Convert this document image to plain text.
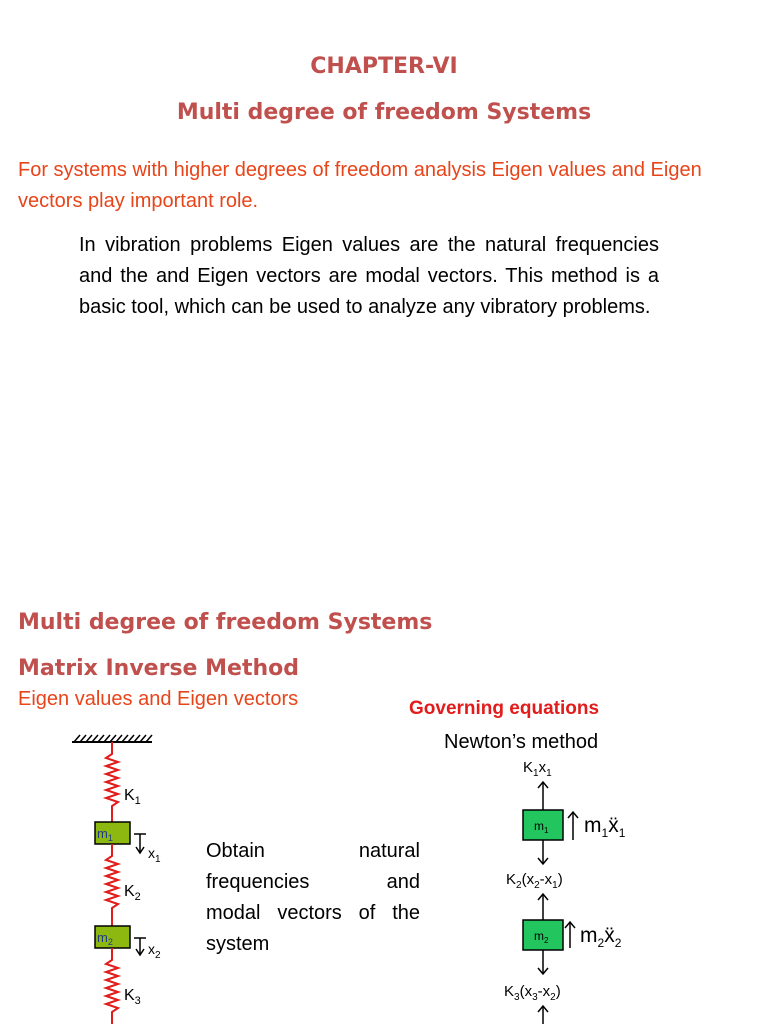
CHAPTER-VI
Multi degree of freedom Systems
For systems with higher degrees of freedom analysis Eigen values and Eigen vectors play important role.
In vibration problems Eigen values are the natural frequencies and the and Eigen vectors are modal vectors. This method is a basic tool, which can be used to analyze any vibratory problems.
Multi degree of freedom Systems
Matrix Inverse Method
Eigen values and Eigen vectors	Governing equations
Newton’s method
Obtain natural
frequencies and
modal vectors of the
system
$K_1$
$m_1$
$x_1$
$K_2$
$m_2$	$x_2$
$K_3$
$K_1x_1$
$m_1$ $m_1ẍ_1$
$K_2(x_2-x_1)$
$m_2$ $m_2ẍ_2$
$K_3(x_3-x_2)$
